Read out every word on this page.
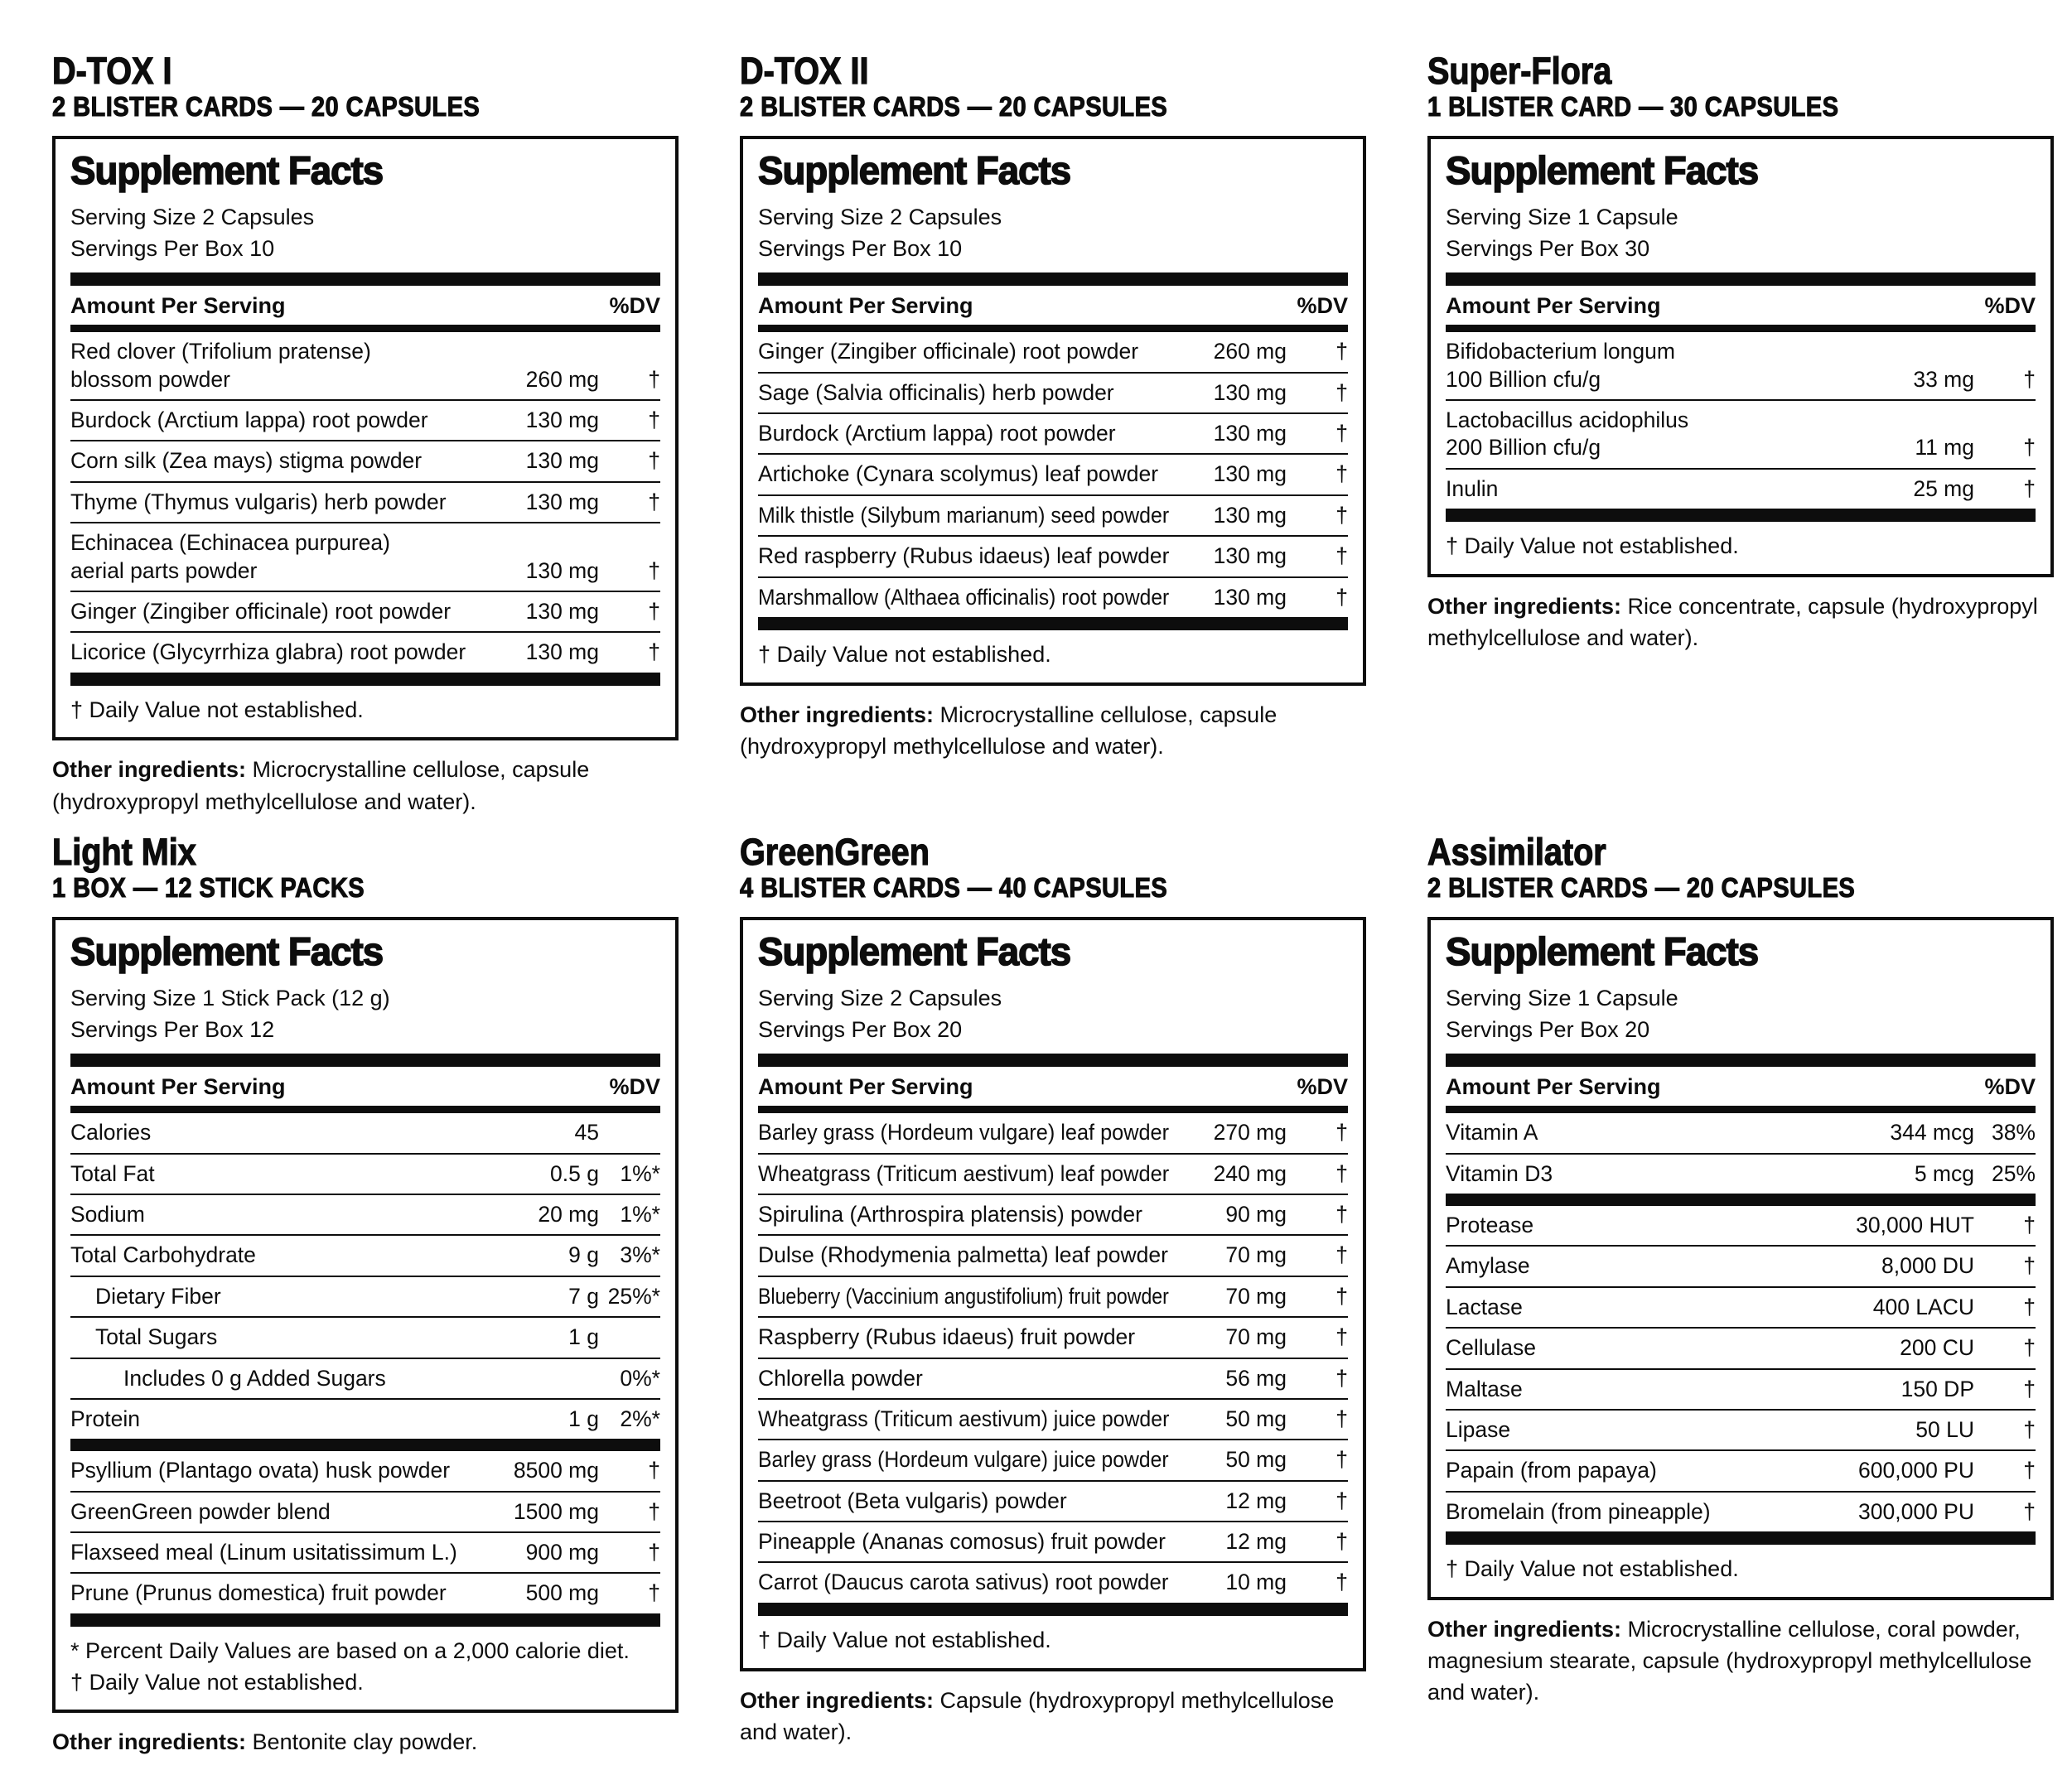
D-TOX I
2 BLISTER CARDS — 20 CAPSULES
Supplement Facts
Serving Size 2 Capsules
Servings Per Box 10
Amount Per Serving	%DV
Red clover (Trifolium pratense)
blossom powder	260 mg	†
Burdock (Arctium lappa) root powder	130 mg	†
Corn silk (Zea mays) stigma powder	130 mg	†
Thyme (Thymus vulgaris) herb powder	130 mg	†
Echinacea (Echinacea purpurea)
aerial parts powder	130 mg	†
Ginger (Zingiber officinale) root powder	130 mg	†
Licorice (Glycyrrhiza glabra) root powder	130 mg	†
† Daily Value not established.
Other ingredients: Microcrystalline cellulose, capsule (hydroxypropyl methylcellulose and water).
D-TOX II
2 BLISTER CARDS — 20 CAPSULES
Supplement Facts
Serving Size 2 Capsules
Servings Per Box 10
Amount Per Serving	%DV
Ginger (Zingiber officinale) root powder	260 mg	†
Sage (Salvia officinalis) herb powder	130 mg	†
Burdock (Arctium lappa) root powder	130 mg	†
Artichoke (Cynara scolymus) leaf powder	130 mg	†
Milk thistle (Silybum marianum) seed powder	130 mg	†
Red raspberry (Rubus idaeus) leaf powder	130 mg	†
Marshmallow (Althaea officinalis) root powder	130 mg	†
† Daily Value not established.
Other ingredients: Microcrystalline cellulose, capsule (hydroxypropyl methylcellulose and water).
Super-Flora
1 BLISTER CARD — 30 CAPSULES
Supplement Facts
Serving Size 1 Capsule
Servings Per Box 30
Amount Per Serving	%DV
Bifidobacterium longum
100 Billion cfu/g	33 mg	†
Lactobacillus acidophilus
200 Billion cfu/g	11 mg	†
Inulin	25 mg	†
† Daily Value not established.
Other ingredients: Rice concentrate, capsule (hydroxypropyl methylcellulose and water).
Light Mix
1 BOX — 12 STICK PACKS
Supplement Facts
Serving Size 1 Stick Pack (12 g)
Servings Per Box 12
Amount Per Serving	%DV
Calories	45
Total Fat	0.5 g 1%*
Sodium	20 mg 1%*
Total Carbohydrate	9 g 3%*
Dietary Fiber	7 g 25%*
Total Sugars	1 g
Includes 0 g Added Sugars	0%*
Protein	1 g 2%*
Psyllium (Plantago ovata) husk powder	8500 mg	†
GreenGreen powder blend	1500 mg	†
Flaxseed meal (Linum usitatissimum L.)	900 mg	†
Prune (Prunus domestica) fruit powder	500 mg	†
* Percent Daily Values are based on a 2,000 calorie diet.
† Daily Value not established.
Other ingredients: Bentonite clay powder.
GreenGreen
4 BLISTER CARDS — 40 CAPSULES
Supplement Facts
Serving Size 2 Capsules
Servings Per Box 20
Amount Per Serving	%DV
Barley grass (Hordeum vulgare) leaf powder	270 mg	†
Wheatgrass (Triticum aestivum) leaf powder	240 mg	†
Spirulina (Arthrospira platensis) powder	90 mg	†
Dulse (Rhodymenia palmetta) leaf powder	70 mg	†
Blueberry (Vaccinium angustifolium) fruit powder	70 mg	†
Raspberry (Rubus idaeus) fruit powder	70 mg	†
Chlorella powder	56 mg	†
Wheatgrass (Triticum aestivum) juice powder	50 mg	†
Barley grass (Hordeum vulgare) juice powder	50 mg	†
Beetroot (Beta vulgaris) powder	12 mg	†
Pineapple (Ananas comosus) fruit powder	12 mg	†
Carrot (Daucus carota sativus) root powder	10 mg	†
† Daily Value not established.
Other ingredients: Capsule (hydroxypropyl methylcellulose and water).
Assimilator
2 BLISTER CARDS — 20 CAPSULES
Supplement Facts
Serving Size 1 Capsule
Servings Per Box 20
Amount Per Serving	%DV
Vitamin A	344 mcg 38%
Vitamin D3	5 mcg 25%
Protease	30,000 HUT	†
Amylase	8,000 DU	†
Lactase	400 LACU	†
Cellulase	200 CU	†
Maltase	150 DP	†
Lipase	50 LU	†
Papain (from papaya)	600,000 PU	†
Bromelain (from pineapple)	300,000 PU	†
† Daily Value not established.
Other ingredients: Microcrystalline cellulose, coral powder, magnesium stearate, capsule (hydroxypropyl methylcellulose and water).
